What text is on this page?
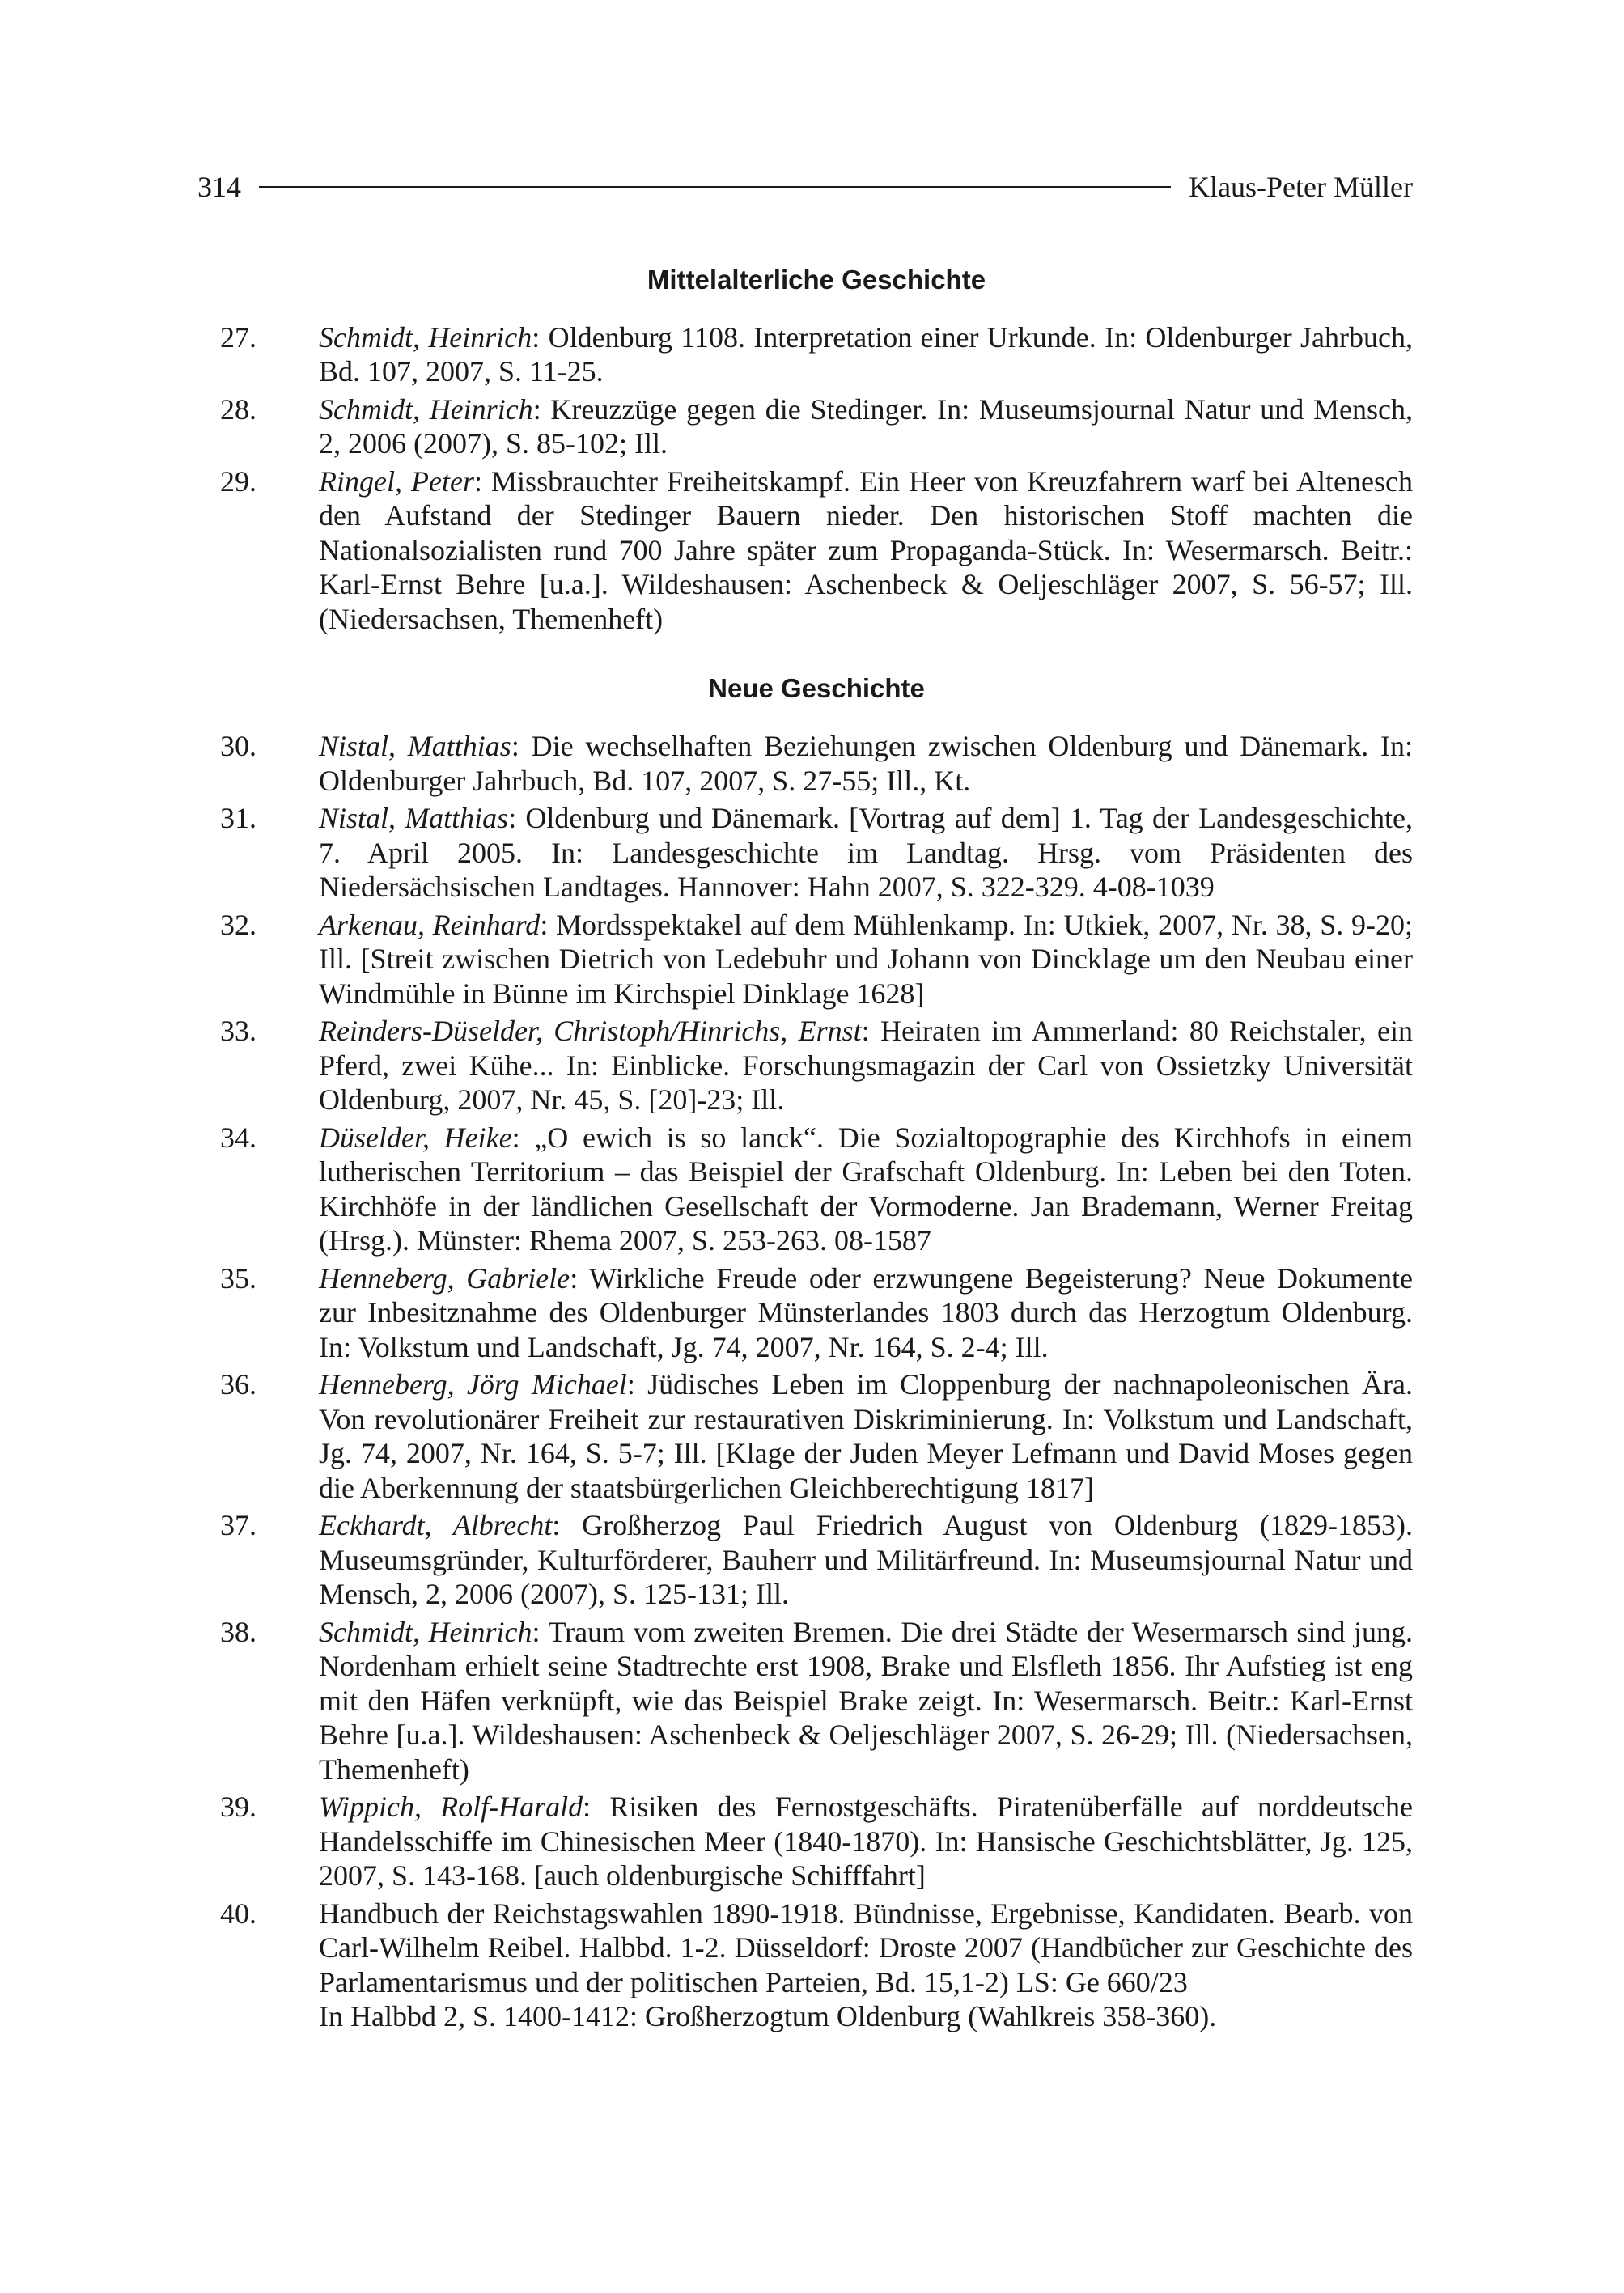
314	Klaus-Peter Müller
Mittelalterliche Geschichte
27.	Schmidt, Heinrich: Oldenburg 1108. Interpretation einer Urkunde. In: Oldenburger Jahrbuch, Bd. 107, 2007, S. 11-25.
28.	Schmidt, Heinrich: Kreuzzüge gegen die Stedinger. In: Museumsjournal Natur und Mensch, 2, 2006 (2007), S. 85-102; Ill.
29.	Ringel, Peter: Missbrauchter Freiheitskampf. Ein Heer von Kreuzfahrern warf bei Altenesch den Aufstand der Stedinger Bauern nieder. Den historischen Stoff machten die Nationalsozialisten rund 700 Jahre später zum Propaganda-Stück. In: Wesermarsch. Beitr.: Karl-Ernst Behre [u.a.]. Wildeshausen: Aschenbeck & Oeljeschläger 2007, S. 56-57; Ill. (Niedersachsen, Themenheft)
Neue Geschichte
30.	Nistal, Matthias: Die wechselhaften Beziehungen zwischen Oldenburg und Dänemark. In: Oldenburger Jahrbuch, Bd. 107, 2007, S. 27-55; Ill., Kt.
31.	Nistal, Matthias: Oldenburg und Dänemark. [Vortrag auf dem] 1. Tag der Landesgeschichte, 7. April 2005. In: Landesgeschichte im Landtag. Hrsg. vom Präsidenten des Niedersächsischen Landtages. Hannover: Hahn 2007, S. 322-329. 4-08-1039
32.	Arkenau, Reinhard: Mordsspektakel auf dem Mühlenkamp. In: Utkiek, 2007, Nr. 38, S. 9-20; Ill. [Streit zwischen Dietrich von Ledebuhr und Johann von Dincklage um den Neubau einer Windmühle in Bünne im Kirchspiel Dinklage 1628]
33.	Reinders-Düselder, Christoph/Hinrichs, Ernst: Heiraten im Ammerland: 80 Reichstaler, ein Pferd, zwei Kühe... In: Einblicke. Forschungsmagazin der Carl von Ossietzky Universität Oldenburg, 2007, Nr. 45, S. [20]-23; Ill.
34.	Düselder, Heike: „O ewich is so lanck“. Die Sozialtopographie des Kirchhofs in einem lutherischen Territorium – das Beispiel der Grafschaft Oldenburg. In: Leben bei den Toten. Kirchhöfe in der ländlichen Gesellschaft der Vormoderne. Jan Brademann, Werner Freitag (Hrsg.). Münster: Rhema 2007, S. 253-263. 08-1587
35.	Henneberg, Gabriele: Wirkliche Freude oder erzwungene Begeisterung? Neue Dokumente zur Inbesitznahme des Oldenburger Münsterlandes 1803 durch das Herzogtum Oldenburg. In: Volkstum und Landschaft, Jg. 74, 2007, Nr. 164, S. 2-4; Ill.
36.	Henneberg, Jörg Michael: Jüdisches Leben im Cloppenburg der nachnapoleonischen Ära. Von revolutionärer Freiheit zur restaurativen Diskriminierung. In: Volkstum und Landschaft, Jg. 74, 2007, Nr. 164, S. 5-7; Ill. [Klage der Juden Meyer Lefmann und David Moses gegen die Aberkennung der staatsbürgerlichen Gleichberechtigung 1817]
37.	Eckhardt, Albrecht: Großherzog Paul Friedrich August von Oldenburg (1829-1853). Museumsgründer, Kulturförderer, Bauherr und Militärfreund. In: Museumsjournal Natur und Mensch, 2, 2006 (2007), S. 125-131; Ill.
38.	Schmidt, Heinrich: Traum vom zweiten Bremen. Die drei Städte der Wesermarsch sind jung. Nordenham erhielt seine Stadtrechte erst 1908, Brake und Elsfleth 1856. Ihr Aufstieg ist eng mit den Häfen verknüpft, wie das Beispiel Brake zeigt. In: Wesermarsch. Beitr.: Karl-Ernst Behre [u.a.]. Wildeshausen: Aschenbeck & Oeljeschläger 2007, S. 26-29; Ill. (Niedersachsen, Themenheft)
39.	Wippich, Rolf-Harald: Risiken des Fernostgeschäfts. Piratenüberfälle auf norddeutsche Handelsschiffe im Chinesischen Meer (1840-1870). In: Hansische Geschichtsblätter, Jg. 125, 2007, S. 143-168. [auch oldenburgische Schifffahrt]
40.	Handbuch der Reichstagswahlen 1890-1918. Bündnisse, Ergebnisse, Kandidaten. Bearb. von Carl-Wilhelm Reibel. Halbbd. 1-2. Düsseldorf: Droste 2007 (Handbücher zur Geschichte des Parlamentarismus und der politischen Parteien, Bd. 15,1-2) LS: Ge 660/23
In Halbbd 2, S. 1400-1412: Großherzogtum Oldenburg (Wahlkreis 358-360).
